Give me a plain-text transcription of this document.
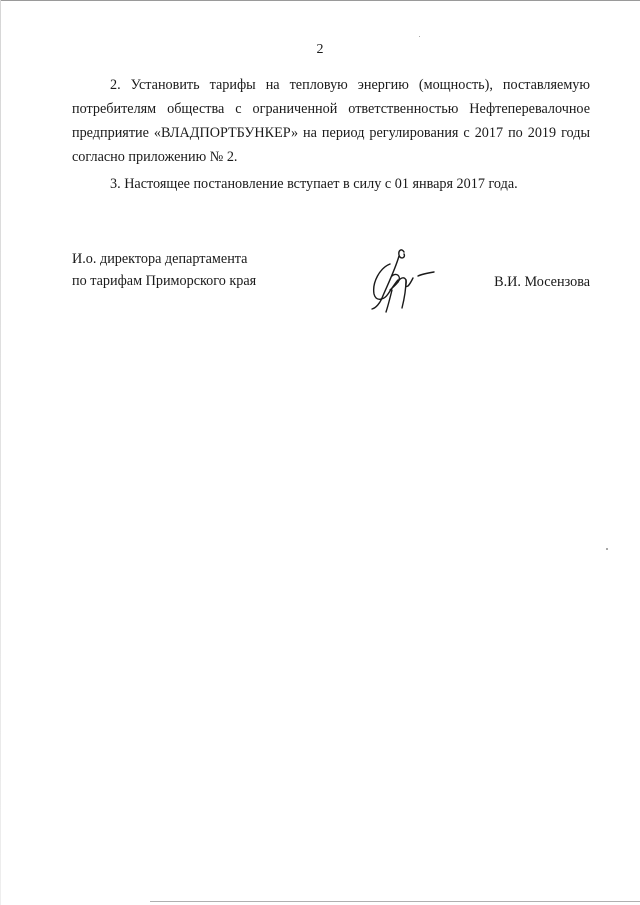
2

2. Установить тарифы на тепловую энергию (мощность), поставляемую потребителям общества с ограниченной ответственностью Нефтеперевалочное предприятие «ВЛАДПОРТБУНКЕР» на период регулирования с 2017 по 2019 годы согласно приложению № 2.

3. Настоящее постановление вступает в силу с 01 января 2017 года.

И.о. директора департамента
по тарифам Приморского края	В.И. Мосензова
